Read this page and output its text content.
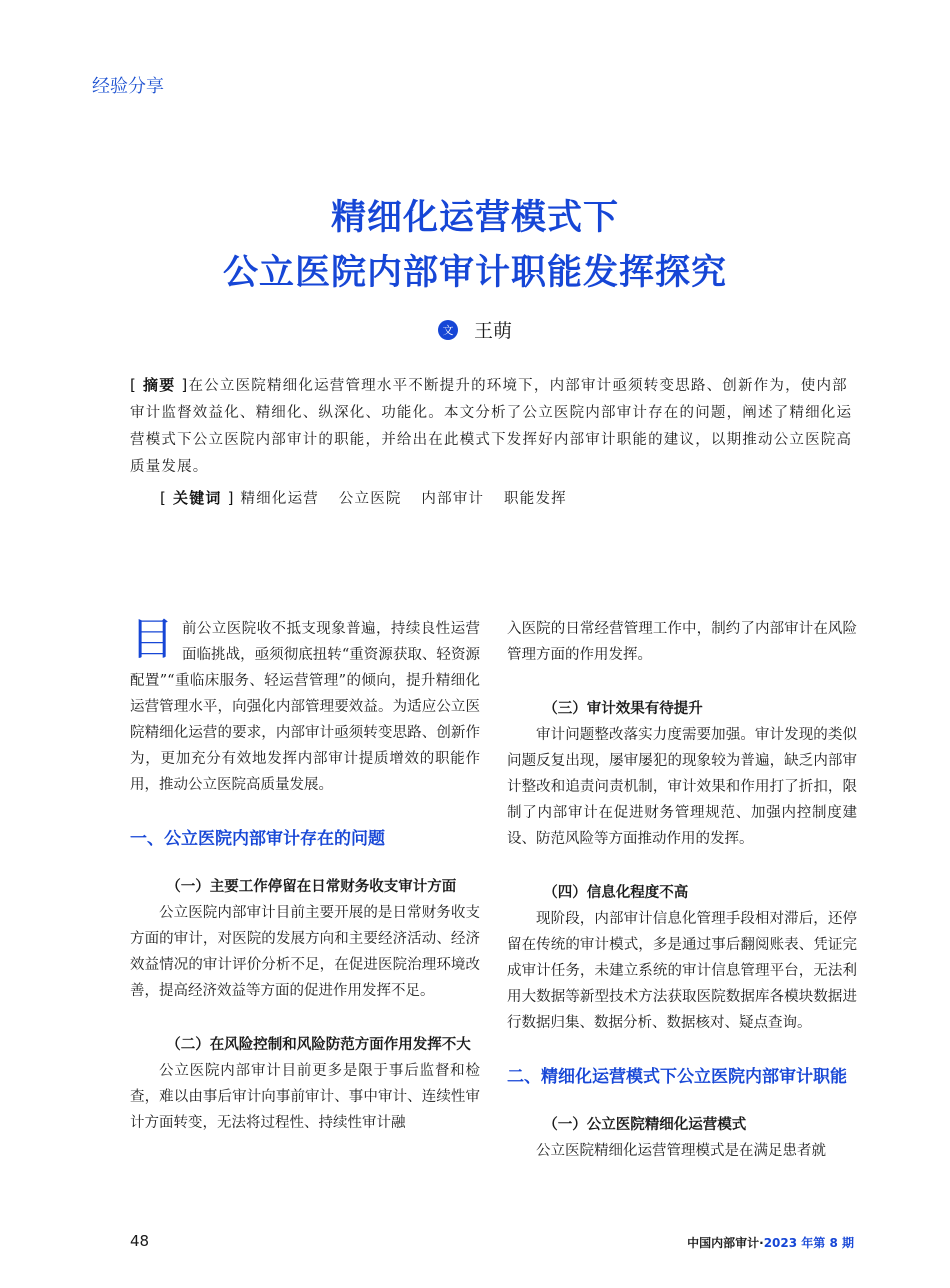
经验分享
精细化运营模式下
公立医院内部审计职能发挥探究
文 王萌

[ 摘要 ]在公立医院精细化运营管理水平不断提升的环境下，内部审计亟须转变思路、创新作为，使内部审计监督效益化、精细化、纵深化、功能化。本文分析了公立医院内部审计存在的问题，阐述了精细化运营模式下公立医院内部审计的职能，并给出在此模式下发挥好内部审计职能的建议，以期推动公立医院高质量发展。

[ 关键词 ] 精细化运营 公立医院 内部审计 职能发挥

目前公立医院收不抵支现象普遍，持续良性运营面临挑战，亟须彻底扭转“重资源获取、轻资源配置”“重临床服务、轻运营管理”的倾向，提升精细化运营管理水平，向强化内部管理要效益。为适应公立医院精细化运营的要求，内部审计亟须转变思路、创新作为，更加充分有效地发挥内部审计提质增效的职能作用，推动公立医院高质量发展。

一、公立医院内部审计存在的问题
（一）主要工作停留在日常财务收支审计方面

公立医院内部审计目前主要开展的是日常财务收支方面的审计，对医院的发展方向和主要经济活动、经济效益情况的审计评价分析不足，在促进医院治理环境改善，提高经济效益等方面的促进作用发挥不足。

（二）在风险控制和风险防范方面作用发挥不大

公立医院内部审计目前更多是限于事后监督和检查，难以由事后审计向事前审计、事中审计、连续性审计方面转变，无法将过程性、持续性审计融

入医院的日常经营管理工作中，制约了内部审计在风险管理方面的作用发挥。

（三）审计效果有待提升

审计问题整改落实力度需要加强。审计发现的类似问题反复出现，屡审屡犯的现象较为普遍，缺乏内部审计整改和追责问责机制，审计效果和作用打了折扣，限制了内部审计在促进财务管理规范、加强内控制度建设、防范风险等方面推动作用的发挥。

（四）信息化程度不高

现阶段，内部审计信息化管理手段相对滞后，还停留在传统的审计模式，多是通过事后翻阅账表、凭证完成审计任务，未建立系统的审计信息管理平台，无法利用大数据等新型技术方法获取医院数据库各模块数据进行数据归集、数据分析、数据核对、疑点查询。

二、精细化运营模式下公立医院内部审计职能
（一）公立医院精细化运营模式

公立医院精细化运营管理模式是在满足患者就

48	中国内部审计·2023 年第 8 期
